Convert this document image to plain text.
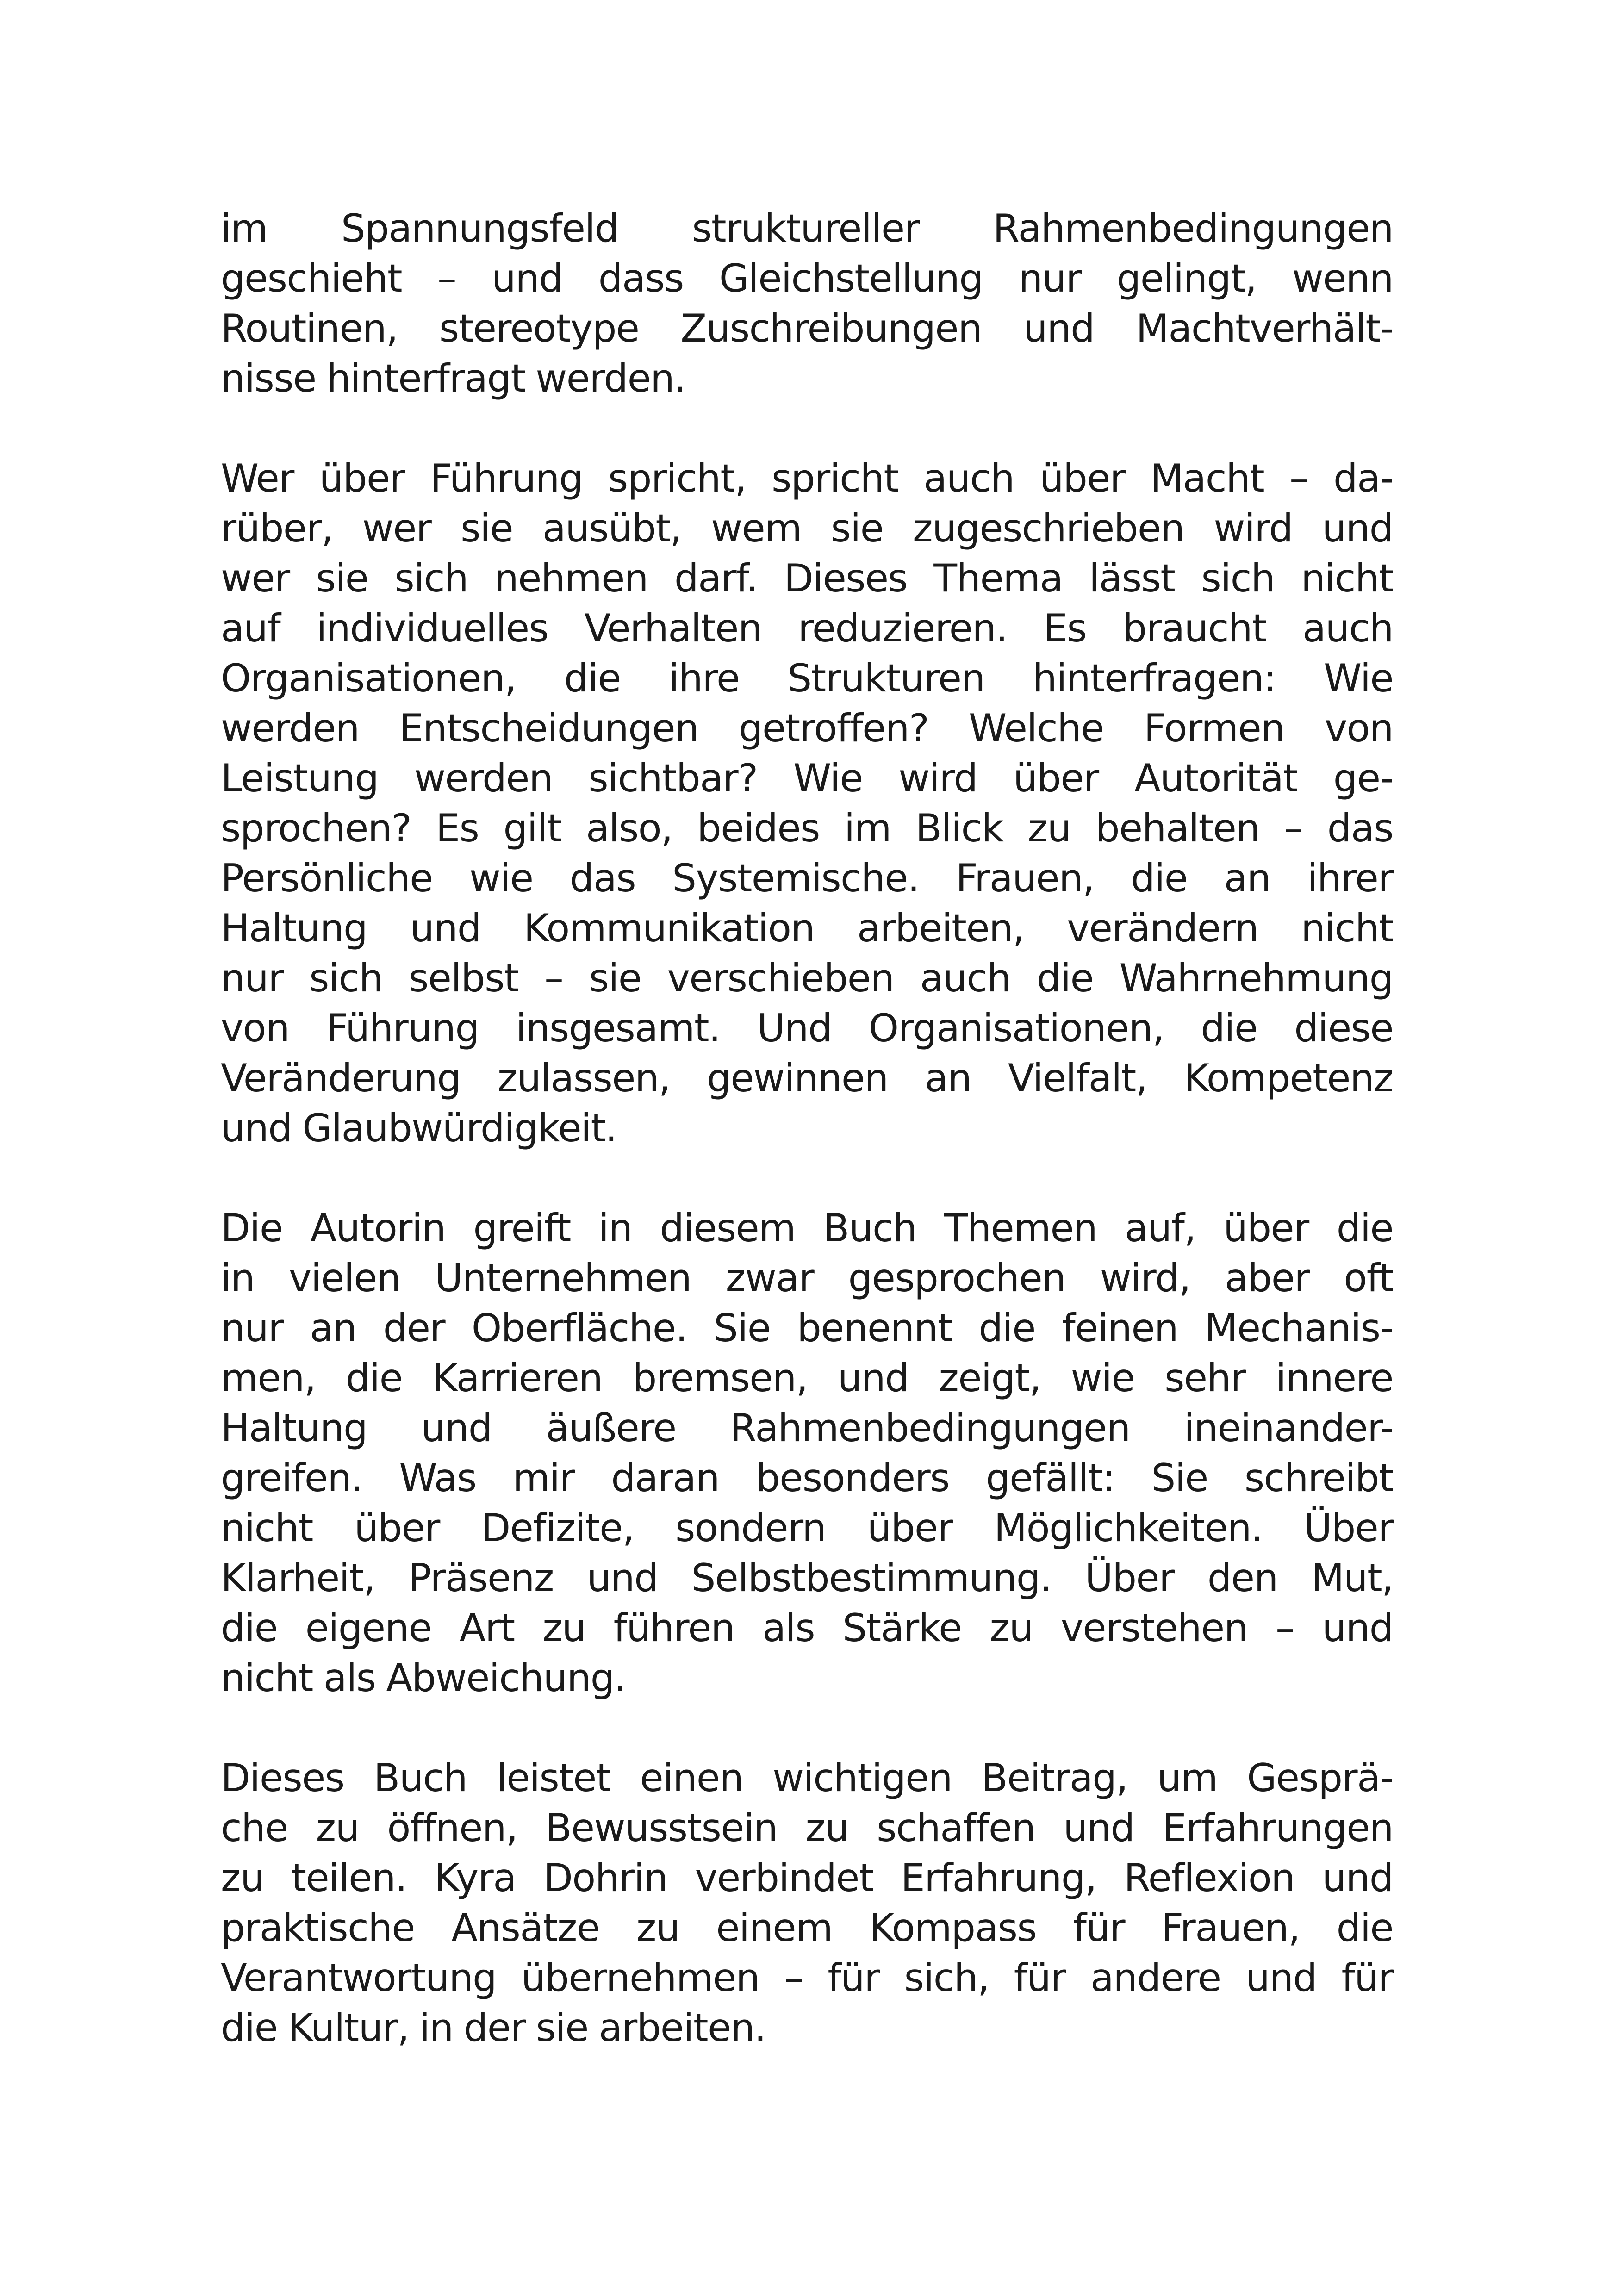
im Spannungsfeld struktureller Rahmenbedingungen
geschieht – und dass Gleichstellung nur gelingt, wenn
Routinen, stereotype Zuschreibungen und Machtverhält-
nisse hinterfragt werden.
Wer über Führung spricht, spricht auch über Macht – da-
rüber, wer sie ausübt, wem sie zugeschrieben wird und
wer sie sich nehmen darf. Dieses Thema lässt sich nicht
auf individuelles Verhalten reduzieren. Es braucht auch
Organisationen, die ihre Strukturen hinterfragen: Wie
werden Entscheidungen getroffen? Welche Formen von
Leistung werden sichtbar? Wie wird über Autorität ge-
sprochen? Es gilt also, beides im Blick zu behalten – das
Persönliche wie das Systemische. Frauen, die an ihrer
Haltung und Kommunikation arbeiten, verändern nicht
nur sich selbst – sie verschieben auch die Wahrnehmung
von Führung insgesamt. Und Organisationen, die diese
Veränderung zulassen, gewinnen an Vielfalt, Kompetenz
und Glaubwürdigkeit.
Die Autorin greift in diesem Buch Themen auf, über die
in vielen Unternehmen zwar gesprochen wird, aber oft
nur an der Oberfläche. Sie benennt die feinen Mechanis-
men, die Karrieren bremsen, und zeigt, wie sehr innere
Haltung und äußere Rahmenbedingungen ineinander-
greifen. Was mir daran besonders gefällt: Sie schreibt
nicht über Defizite, sondern über Möglichkeiten. Über
Klarheit, Präsenz und Selbstbestimmung. Über den Mut,
die eigene Art zu führen als Stärke zu verstehen – und
nicht als Abweichung.
Dieses Buch leistet einen wichtigen Beitrag, um Gesprä-
che zu öffnen, Bewusstsein zu schaffen und Erfahrungen
zu teilen. Kyra Dohrin verbindet Erfahrung, Reflexion und
praktische Ansätze zu einem Kompass für Frauen, die
Verantwortung übernehmen – für sich, für andere und für
die Kultur, in der sie arbeiten.
